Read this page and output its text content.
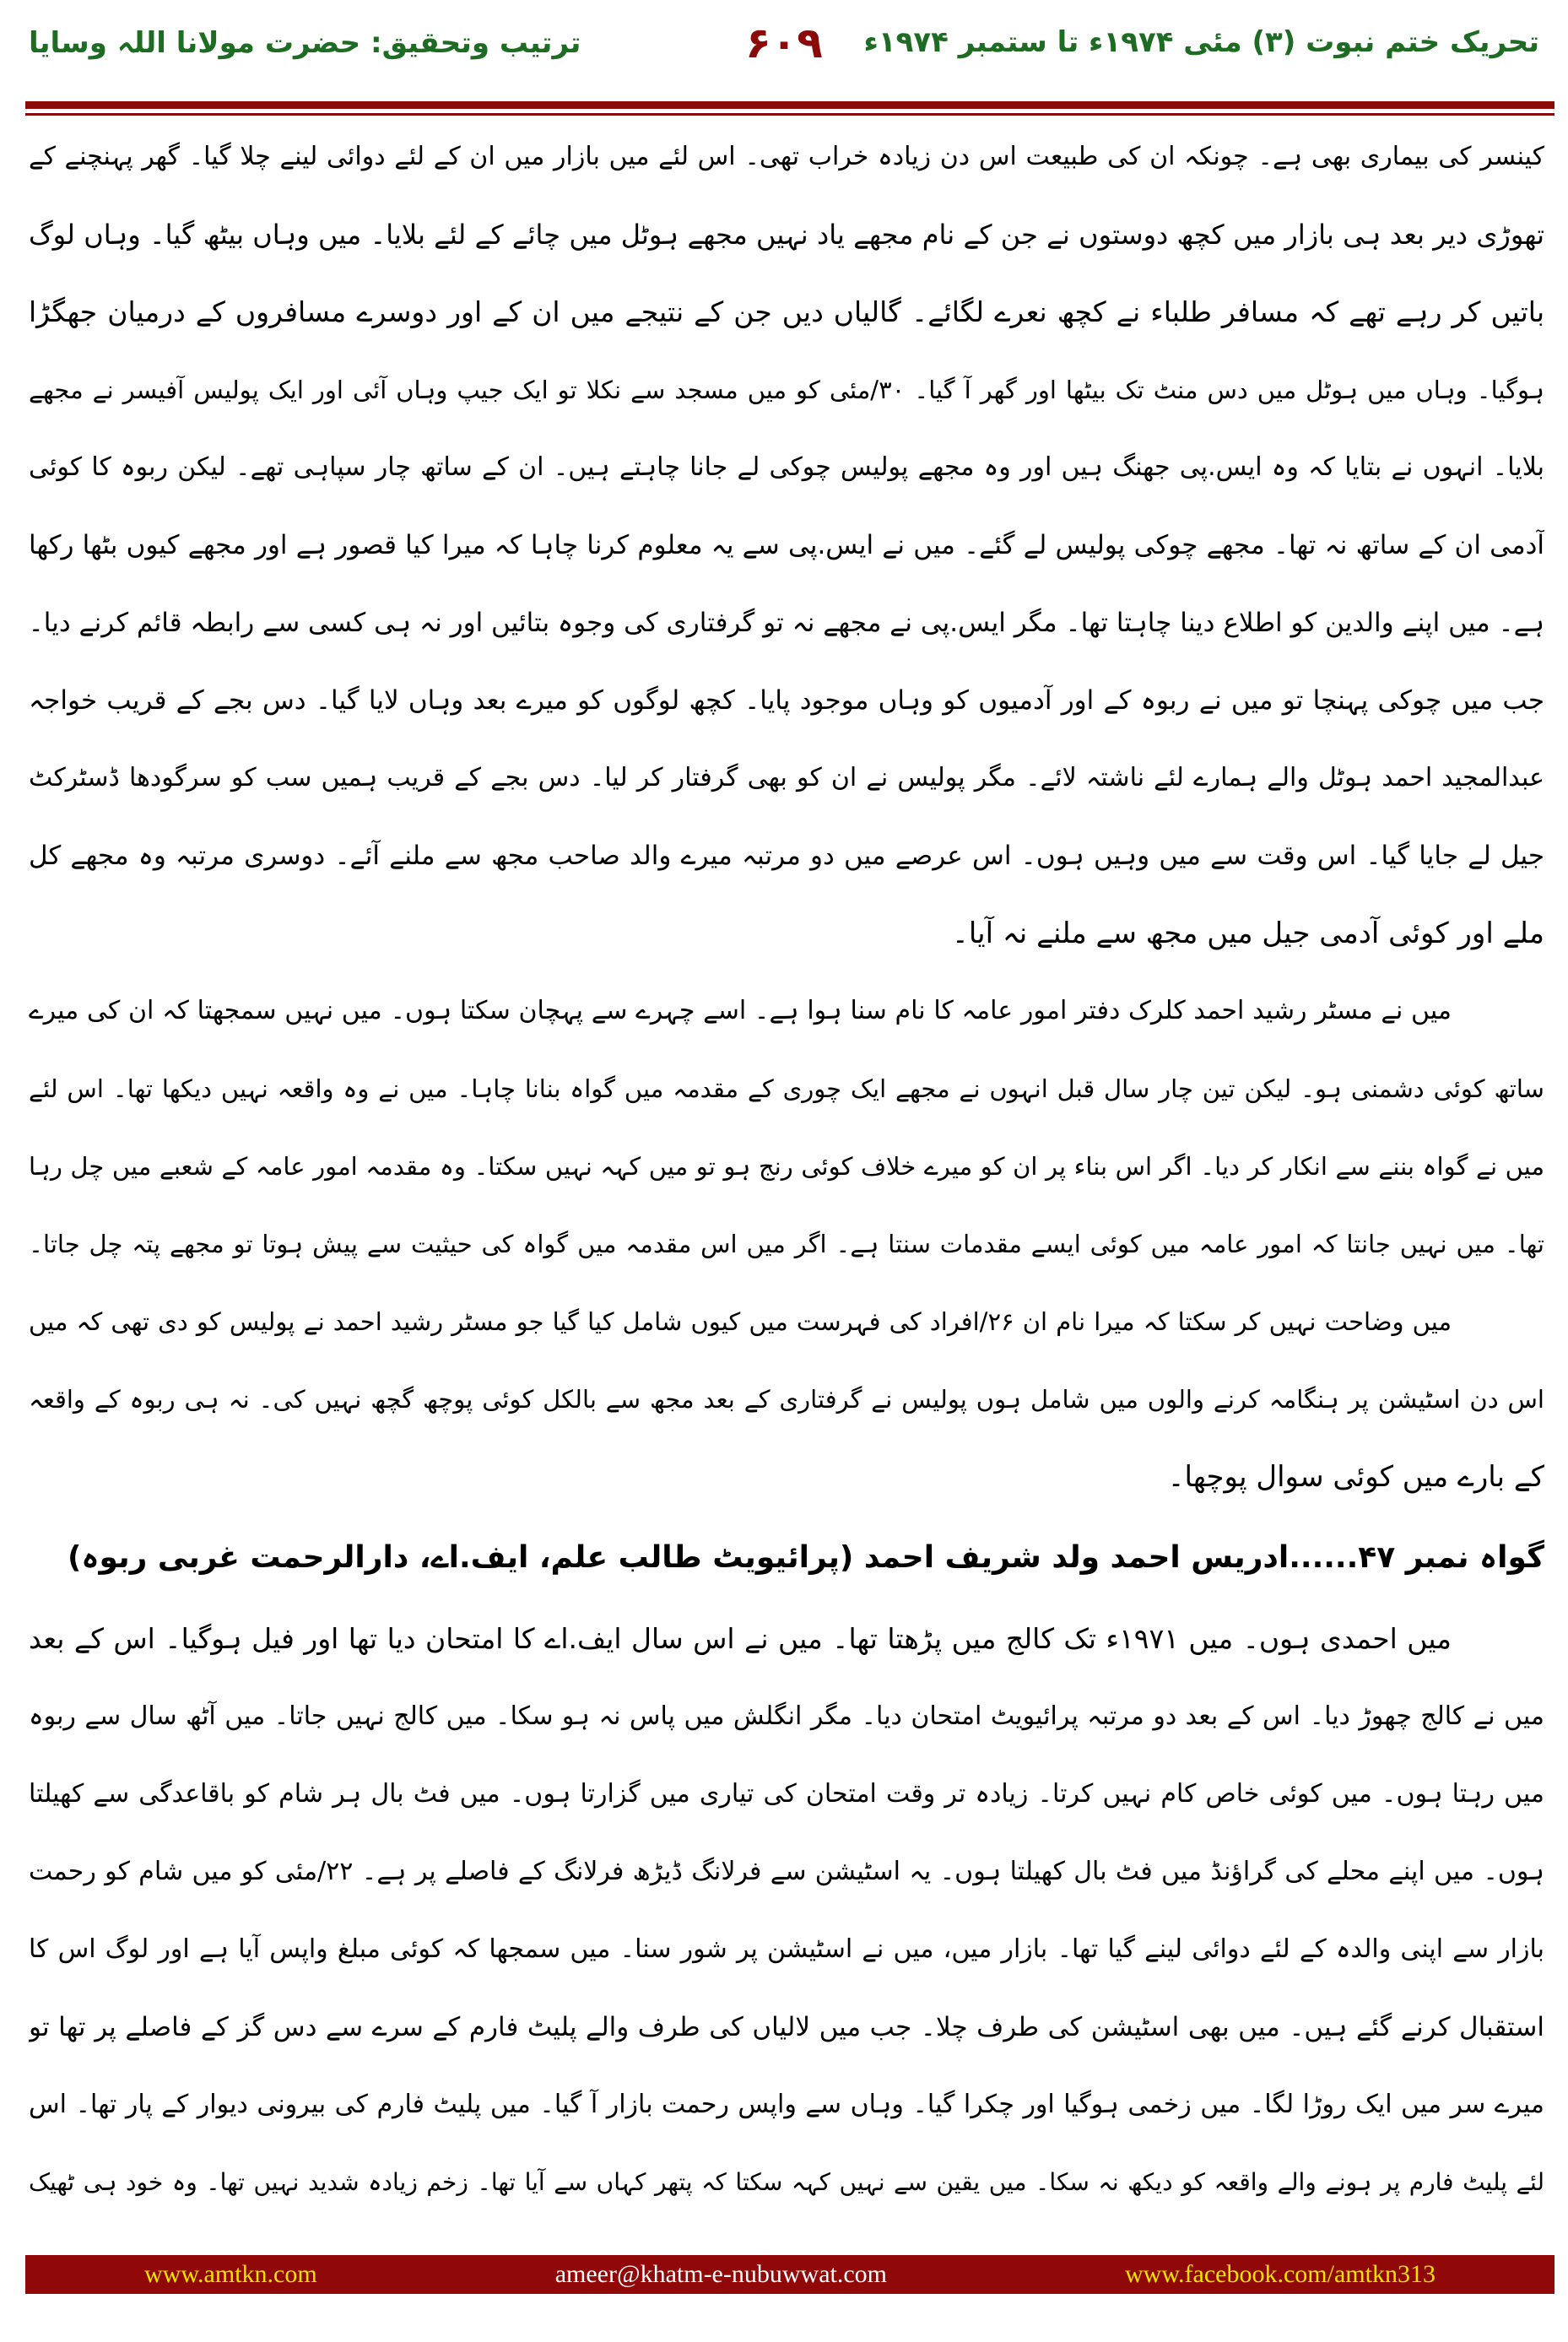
تحریک ختم نبوت (۳) مئی ۱۹۷۴ء تا ستمبر ۱۹۷۴ء
۶۰۹
ترتیب وتحقیق: حضرت مولانا اللہ وسایا
کینسر کی بیماری بھی ہے۔ چونکہ ان کی طبیعت اس دن زیادہ خراب تھی۔ اس لئے میں بازار میں ان کے لئے دوائی لینے چلا گیا۔ گھر پہنچنے کے
تھوڑی دیر بعد ہی بازار میں کچھ دوستوں نے جن کے نام مجھے یاد نہیں مجھے ہوٹل میں چائے کے لئے بلایا۔ میں وہاں بیٹھ گیا۔ وہاں لوگ
باتیں کر رہے تھے کہ مسافر طلباء نے کچھ نعرے لگائے۔ گالیاں دیں جن کے نتیجے میں ان کے اور دوسرے مسافروں کے درمیان جھگڑا
ہوگیا۔ وہاں میں ہوٹل میں دس منٹ تک بیٹھا اور گھر آ گیا۔ ۳۰/مئی کو میں مسجد سے نکلا تو ایک جیپ وہاں آئی اور ایک پولیس آفیسر نے مجھے
بلایا۔ انہوں نے بتایا کہ وہ ایس.پی جھنگ ہیں اور وہ مجھے پولیس چوکی لے جانا چاہتے ہیں۔ ان کے ساتھ چار سپاہی تھے۔ لیکن ربوہ کا کوئی
آدمی ان کے ساتھ نہ تھا۔ مجھے چوکی پولیس لے گئے۔ میں نے ایس.پی سے یہ معلوم کرنا چاہا کہ میرا کیا قصور ہے اور مجھے کیوں بٹھا رکھا
ہے۔ میں اپنے والدین کو اطلاع دینا چاہتا تھا۔ مگر ایس.پی نے مجھے نہ تو گرفتاری کی وجوہ بتائیں اور نہ ہی کسی سے رابطہ قائم کرنے دیا۔
جب میں چوکی پہنچا تو میں نے ربوہ کے اور آدمیوں کو وہاں موجود پایا۔ کچھ لوگوں کو میرے بعد وہاں لایا گیا۔ دس بجے کے قریب خواجہ
عبدالمجید احمد ہوٹل والے ہمارے لئے ناشتہ لائے۔ مگر پولیس نے ان کو بھی گرفتار کر لیا۔ دس بجے کے قریب ہمیں سب کو سرگودھا ڈسٹرکٹ
جیل لے جایا گیا۔ اس وقت سے میں وہیں ہوں۔ اس عرصے میں دو مرتبہ میرے والد صاحب مجھ سے ملنے آئے۔ دوسری مرتبہ وہ مجھے کل
ملے اور کوئی آدمی جیل میں مجھ سے ملنے نہ آیا۔
میں نے مسٹر رشید احمد کلرک دفتر امور عامہ کا نام سنا ہوا ہے۔ اسے چہرے سے پہچان سکتا ہوں۔ میں نہیں سمجھتا کہ ان کی میرے
ساتھ کوئی دشمنی ہو۔ لیکن تین چار سال قبل انہوں نے مجھے ایک چوری کے مقدمہ میں گواہ بنانا چاہا۔ میں نے وہ واقعہ نہیں دیکھا تھا۔ اس لئے
میں نے گواہ بننے سے انکار کر دیا۔ اگر اس بناء پر ان کو میرے خلاف کوئی رنج ہو تو میں کہہ نہیں سکتا۔ وہ مقدمہ امور عامہ کے شعبے میں چل رہا
تھا۔ میں نہیں جانتا کہ امور عامہ میں کوئی ایسے مقدمات سنتا ہے۔ اگر میں اس مقدمہ میں گواہ کی حیثیت سے پیش ہوتا تو مجھے پتہ چل جاتا۔
میں وضاحت نہیں کر سکتا کہ میرا نام ان ۲۶/افراد کی فہرست میں کیوں شامل کیا گیا جو مسٹر رشید احمد نے پولیس کو دی تھی کہ میں
اس دن اسٹیشن پر ہنگامہ کرنے والوں میں شامل ہوں پولیس نے گرفتاری کے بعد مجھ سے بالکل کوئی پوچھ گچھ نہیں کی۔ نہ ہی ربوہ کے واقعہ
کے بارے میں کوئی سوال پوچھا۔
گواہ نمبر ۴۷......ادریس احمد ولد شریف احمد (پرائیویٹ طالب علم، ایف.اے، دارالرحمت غربی ربوہ)
میں احمدی ہوں۔ میں ۱۹۷۱ء تک کالج میں پڑھتا تھا۔ میں نے اس سال ایف.اے کا امتحان دیا تھا اور فیل ہوگیا۔ اس کے بعد
میں نے کالج چھوڑ دیا۔ اس کے بعد دو مرتبہ پرائیویٹ امتحان دیا۔ مگر انگلش میں پاس نہ ہو سکا۔ میں کالج نہیں جاتا۔ میں آٹھ سال سے ربوہ
میں رہتا ہوں۔ میں کوئی خاص کام نہیں کرتا۔ زیادہ تر وقت امتحان کی تیاری میں گزارتا ہوں۔ میں فٹ بال ہر شام کو باقاعدگی سے کھیلتا
ہوں۔ میں اپنے محلے کی گراؤنڈ میں فٹ بال کھیلتا ہوں۔ یہ اسٹیشن سے فرلانگ ڈیڑھ فرلانگ کے فاصلے پر ہے۔ ۲۲/مئی کو میں شام کو رحمت
بازار سے اپنی والدہ کے لئے دوائی لینے گیا تھا۔ بازار میں، میں نے اسٹیشن پر شور سنا۔ میں سمجھا کہ کوئی مبلغ واپس آیا ہے اور لوگ اس کا
استقبال کرنے گئے ہیں۔ میں بھی اسٹیشن کی طرف چلا۔ جب میں لالیاں کی طرف والے پلیٹ فارم کے سرے سے دس گز کے فاصلے پر تھا تو
میرے سر میں ایک روڑا لگا۔ میں زخمی ہوگیا اور چکرا گیا۔ وہاں سے واپس رحمت بازار آ گیا۔ میں پلیٹ فارم کی بیرونی دیوار کے پار تھا۔ اس
لئے پلیٹ فارم پر ہونے والے واقعہ کو دیکھ نہ سکا۔ میں یقین سے نہیں کہہ سکتا کہ پتھر کہاں سے آیا تھا۔ زخم زیادہ شدید نہیں تھا۔ وہ خود ہی ٹھیک
www.amtkn.com	ameer@khatm-e-nubuwwat.com	www.facebook.com/amtkn313
